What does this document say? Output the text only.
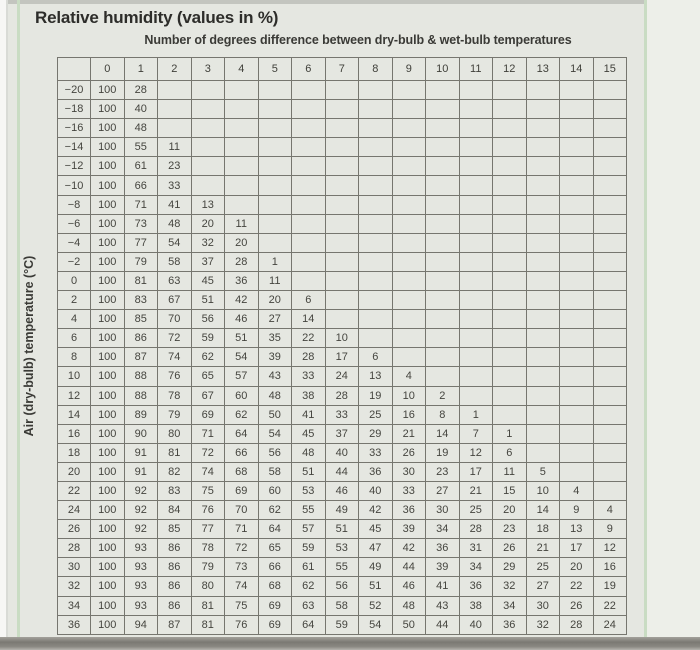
Relative humidity (values in %)
Number of degrees difference between dry-bulb & wet-bulb temperatures
Air (dry-bulb) temperature (°C)
	0	1	2	3	4	5	6	7	8	9	10	11	12	13	14	15
−20	100	28														
−18	100	40														
−16	100	48														
−14	100	55	11													
−12	100	61	23													
−10	100	66	33													
−8	100	71	41	13												
−6	100	73	48	20	11											
−4	100	77	54	32	20											
−2	100	79	58	37	28	1										
0	100	81	63	45	36	11										
2	100	83	67	51	42	20	6									
4	100	85	70	56	46	27	14									
6	100	86	72	59	51	35	22	10								
8	100	87	74	62	54	39	28	17	6							
10	100	88	76	65	57	43	33	24	13	4						
12	100	88	78	67	60	48	38	28	19	10	2					
14	100	89	79	69	62	50	41	33	25	16	8	1				
16	100	90	80	71	64	54	45	37	29	21	14	7	1			
18	100	91	81	72	66	56	48	40	33	26	19	12	6			
20	100	91	82	74	68	58	51	44	36	30	23	17	11	5		
22	100	92	83	75	69	60	53	46	40	33	27	21	15	10	4	
24	100	92	84	76	70	62	55	49	42	36	30	25	20	14	9	4
26	100	92	85	77	71	64	57	51	45	39	34	28	23	18	13	9
28	100	93	86	78	72	65	59	53	47	42	36	31	26	21	17	12
30	100	93	86	79	73	66	61	55	49	44	39	34	29	25	20	16
32	100	93	86	80	74	68	62	56	51	46	41	36	32	27	22	19
34	100	93	86	81	75	69	63	58	52	48	43	38	34	30	26	22
36	100	94	87	81	76	69	64	59	54	50	44	40	36	32	28	24
